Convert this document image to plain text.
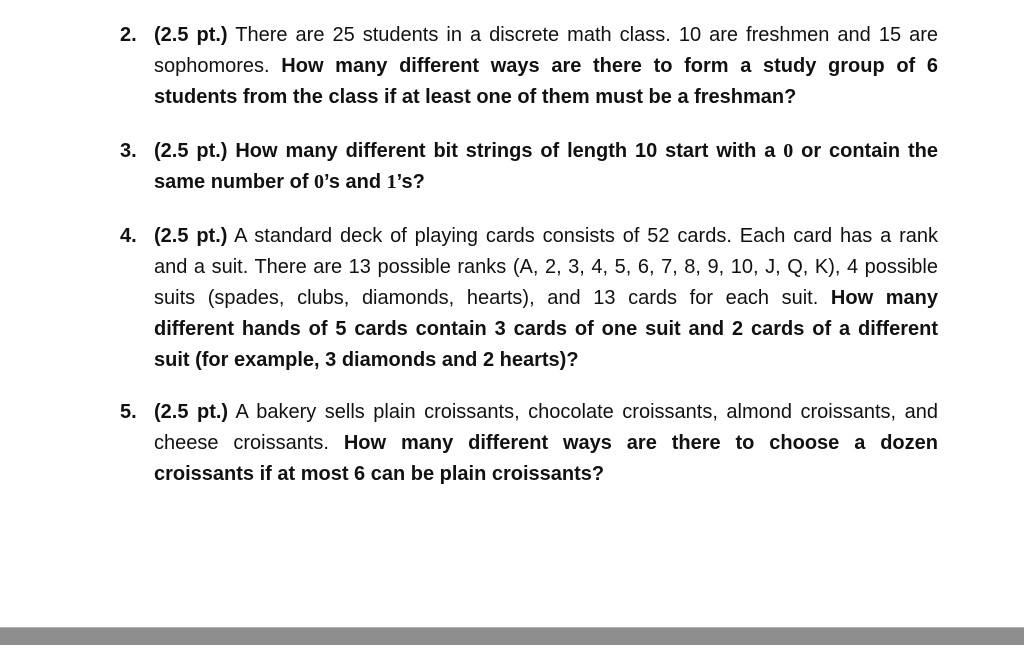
2. (2.5 pt.) There are 25 students in a discrete math class. 10 are freshmen and 15 are sophomores. How many different ways are there to form a study group of 6 students from the class if at least one of them must be a freshman?
3. (2.5 pt.) How many different bit strings of length 10 start with a 0 or contain the same number of 0’s and 1’s?
4. (2.5 pt.) A standard deck of playing cards consists of 52 cards. Each card has a rank and a suit. There are 13 possible ranks (A, 2, 3, 4, 5, 6, 7, 8, 9, 10, J, Q, K), 4 possible suits (spades, clubs, diamonds, hearts), and 13 cards for each suit. How many different hands of 5 cards contain 3 cards of one suit and 2 cards of a different suit (for example, 3 diamonds and 2 hearts)?
5. (2.5 pt.) A bakery sells plain croissants, chocolate croissants, almond croissants, and cheese croissants. How many different ways are there to choose a dozen croissants if at most 6 can be plain croissants?
